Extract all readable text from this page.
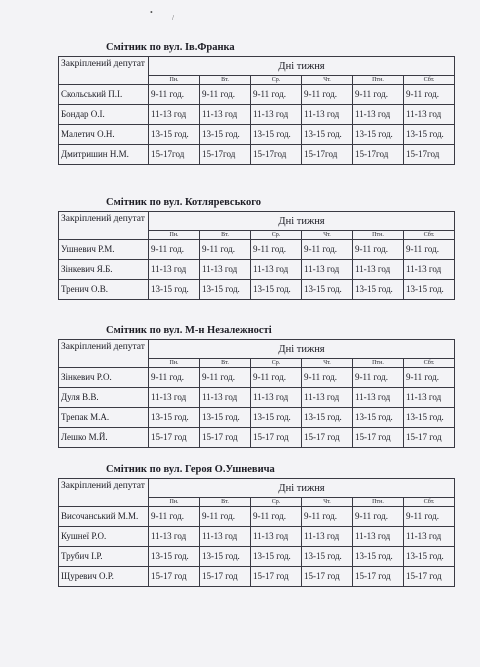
•
/
Смітник по вул. Ів.Франка
Закріплений депутат	Дні тижня					
	Пн.	Вт.	Ср.	Чт.	Птн.	Сбт.
Скольський П.І.	9-11 год.	9-11 год.	9-11 год.	9-11 год.	9-11 год.	9-11 год.
Бондар О.І.	11-13 год	11-13 год	11-13 год	11-13 год	11-13 год	11-13 год
Малетич О.Н.	13-15 год.	13-15 год.	13-15 год.	13-15 год.	13-15 год.	13-15 год.
Дмитришин Н.М.	15-17год	15-17год	15-17год	15-17год	15-17год	15-17год
Смітник по вул. Котляревського
Закріплений депутат	Дні тижня					
	Пн.	Вт.	Ср.	Чт.	Птн.	Сбт.
Ушневич Р.М.	9-11 год.	9-11 год.	9-11 год.	9-11 год.	9-11 год.	9-11 год.
Зінкевич Я.Б.	11-13 год	11-13 год	11-13 год	11-13 год	11-13 год	11-13 год
Тренич О.В.	13-15 год.	13-15 год.	13-15 год.	13-15 год.	13-15 год.	13-15 год.
Смітник по вул. М-н Незалежності
Закріплений депутат	Дні тижня					
	Пн.	Вт.	Ср.	Чт.	Птн.	Сбт.
Зінкевич Р.О.	9-11 год.	9-11 год.	9-11 год.	9-11 год.	9-11 год.	9-11 год.
Дуля В.В.	11-13 год	11-13 год	11-13 год	11-13 год	11-13 год	11-13 год
Трепак М.А.	13-15 год.	13-15 год.	13-15 год.	13-15 год.	13-15 год.	13-15 год.
Лешко М.Й.	15-17 год	15-17 год	15-17 год	15-17 год	15-17 год	15-17 год
Смітник по вул. Героя О.Ушневича
Закріплений депутат	Дні тижня					
	Пн.	Вт.	Ср.	Чт.	Птн.	Сбт.
Височанський М.М.	9-11 год.	9-11 год.	9-11 год.	9-11 год.	9-11 год.	9-11 год.
Кушнеї Р.О.	11-13 год	11-13 год	11-13 год	11-13 год	11-13 год	11-13 год
Трубич І.Р.	13-15 год.	13-15 год.	13-15 год.	13-15 год.	13-15 год.	13-15 год.
Щуревич О.Р.	15-17 год	15-17 год	15-17 год	15-17 год	15-17 год	15-17 год
